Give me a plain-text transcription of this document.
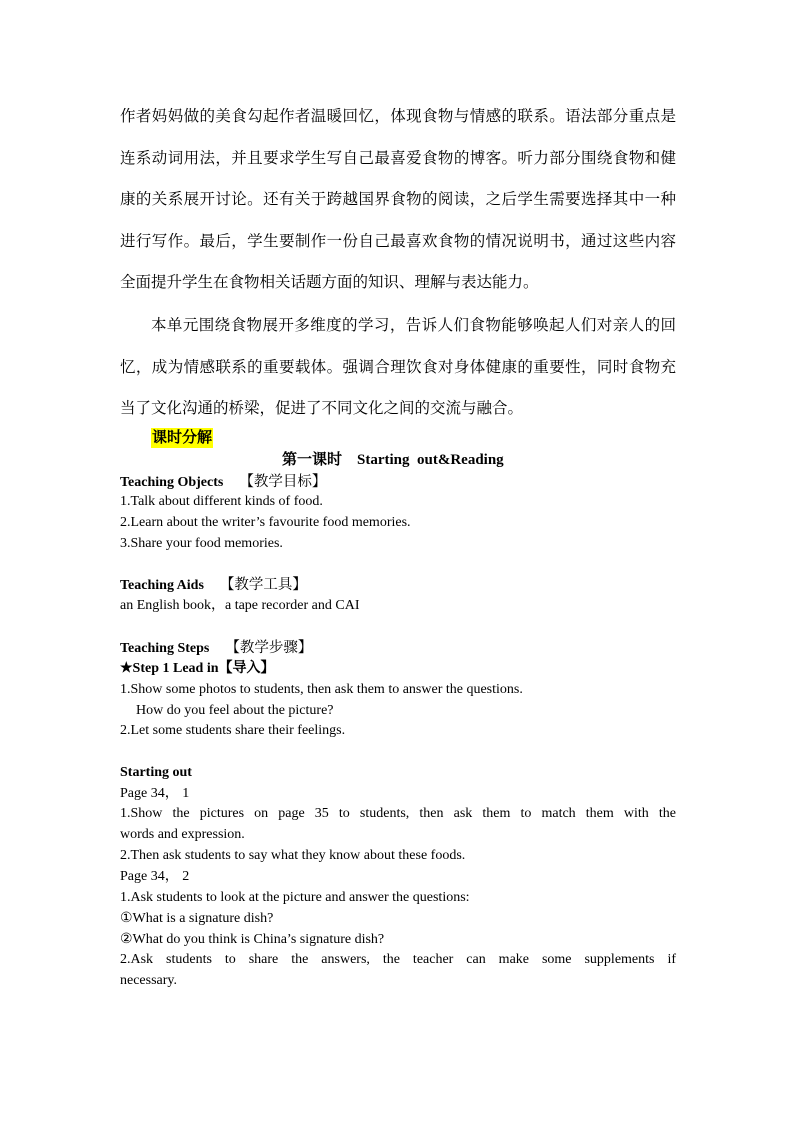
作者妈妈做的美食勾起作者温暖回忆，体现食物与情感的联系。语法部分重点是连系动词用法，并且要求学生写自己最喜爱食物的博客。听力部分围绕食物和健康的关系展开讨论。还有关于跨越国界食物的阅读，之后学生需要选择其中一种进行写作。最后，学生要制作一份自己最喜欢食物的情况说明书，通过这些内容全面提升学生在食物相关话题方面的知识、理解与表达能力。

本单元围绕食物展开多维度的学习，告诉人们食物能够唤起人们对亲人的回忆，成为情感联系的重要载体。强调合理饮食对身体健康的重要性，同时食物充当了文化沟通的桥梁，促进了不同文化之间的交流与融合。

课时分解
第一课时    Starting  out&Reading
Teaching Objects 【教学目标】
1.Talk about different kinds of food.
2.Learn about the writer’s favourite food memories.
3.Share your food memories.
Teaching Aids 【教学工具】
an English book，a tape recorder and CAI
Teaching Steps 【教学步骤】
★Step 1 Lead in【导入】
1.Show some photos to students, then ask them to answer the questions.
How do you feel about the picture?
2.Let some students share their feelings.
Starting out
Page 34， 1
1.Show the pictures on page 35 to students, then ask them to match them with the
words and expression.
2.Then ask students to say what they know about these foods.
Page 34， 2
1.Ask students to look at the picture and answer the questions:
①What is a signature dish?
②What do you think is China’s signature dish?
2.Ask students to share the answers, the teacher can make some supplements if
necessary.
